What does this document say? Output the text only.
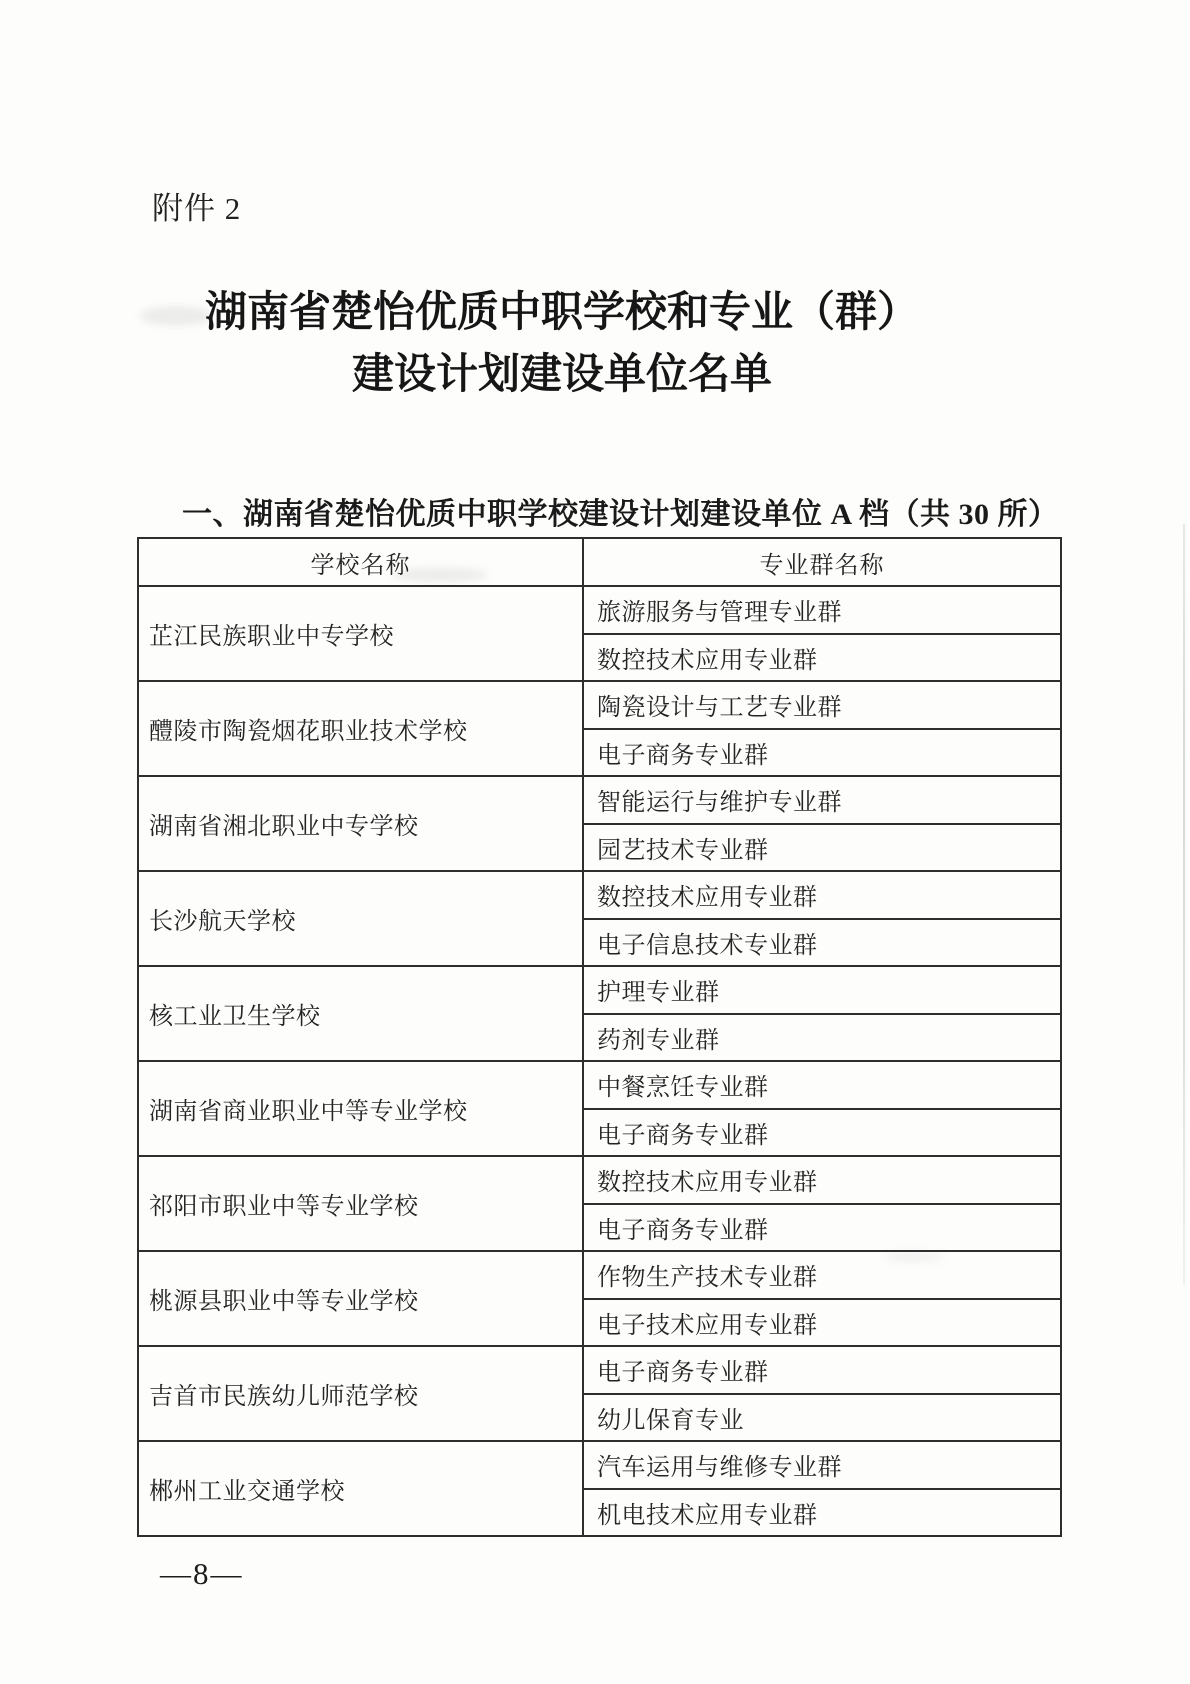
附件 2
湖南省楚怡优质中职学校和专业（群）
建设计划建设单位名单
一、湖南省楚怡优质中职学校建设计划建设单位 A 档（共 30 所）
学校名称	专业群名称
芷江民族职业中专学校	旅游服务与管理专业群
	数控技术应用专业群
醴陵市陶瓷烟花职业技术学校	陶瓷设计与工艺专业群
	电子商务专业群
湖南省湘北职业中专学校	智能运行与维护专业群
	园艺技术专业群
长沙航天学校	数控技术应用专业群
	电子信息技术专业群
核工业卫生学校	护理专业群
	药剂专业群
湖南省商业职业中等专业学校	中餐烹饪专业群
	电子商务专业群
祁阳市职业中等专业学校	数控技术应用专业群
	电子商务专业群
桃源县职业中等专业学校	作物生产技术专业群
	电子技术应用专业群
吉首市民族幼儿师范学校	电子商务专业群
	幼儿保育专业
郴州工业交通学校	汽车运用与维修专业群
	机电技术应用专业群
—8—
